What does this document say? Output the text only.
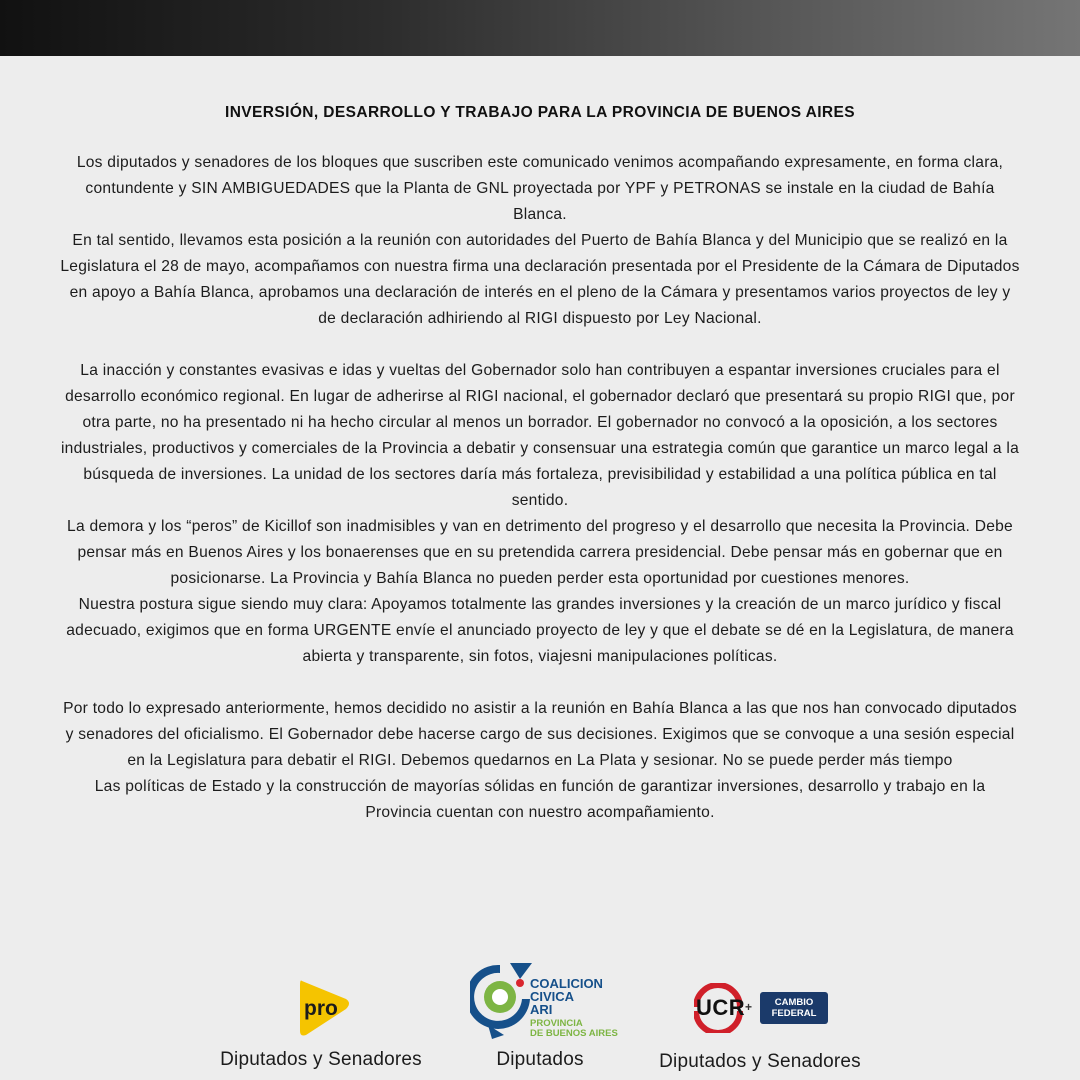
INVERSIÓN, DESARROLLO Y TRABAJO PARA LA PROVINCIA DE BUENOS AIRES

Los diputados y senadores de los bloques que suscriben este comunicado venimos acompañando expresamente, en forma clara, contundente y SIN AMBIGUEDADES que la Planta de GNL proyectada por YPF y PETRONAS se instale en la ciudad de Bahía Blanca.

En tal sentido, llevamos esta posición a la reunión con autoridades del Puerto de Bahía Blanca y del Municipio que se realizó en la Legislatura el 28 de mayo, acompañamos con nuestra firma una declaración presentada por el Presidente de la Cámara de Diputados en apoyo a Bahía Blanca, aprobamos una declaración de interés en el pleno de la Cámara y presentamos varios proyectos de ley y de declaración adhiriendo al RIGI dispuesto por Ley Nacional.

La inacción y constantes evasivas e idas y vueltas del Gobernador solo han contribuyen a espantar inversiones cruciales para el desarrollo económico regional. En lugar de adherirse al RIGI nacional, el gobernador declaró que presentará su propio RIGI que, por otra parte, no ha presentado ni ha hecho circular al menos un borrador. El gobernador no convocó a la oposición, a los sectores industriales, productivos y comerciales de la Provincia a debatir y consensuar una estrategia común que garantice un marco legal a la búsqueda de inversiones. La unidad de los sectores daría más fortaleza, previsibilidad y estabilidad a una política pública en tal sentido.

La demora y los “peros” de Kicillof son inadmisibles y van en detrimento del progreso y el desarrollo que necesita la Provincia. Debe pensar más en Buenos Aires y los bonaerenses que en su pretendida carrera presidencial. Debe pensar más en gobernar que en posicionarse. La Provincia y Bahía Blanca no pueden perder esta oportunidad por cuestiones menores.

Nuestra postura sigue siendo muy clara: Apoyamos totalmente las grandes inversiones y la creación de un marco jurídico y fiscal adecuado, exigimos que en forma URGENTE envíe el anunciado proyecto de ley y que el debate se dé en la Legislatura, de manera abierta y transparente, sin fotos, viajesni manipulaciones políticas.

Por todo lo expresado anteriormente, hemos decidido no asistir a la reunión en Bahía Blanca a las que nos han convocado diputados y senadores del oficialismo. El Gobernador debe hacerse cargo de sus decisiones. Exigimos que se convoque a una sesión especial en la Legislatura para debatir el RIGI. Debemos quedarnos en La Plata y sesionar. No se puede perder más tiempo

Las políticas de Estado y la construcción de mayorías sólidas en función de garantizar inversiones, desarrollo y trabajo en la Provincia cuentan con nuestro acompañamiento.

pro
Diputados y Senadores
COALICION
CIVICA
ARI
PROVINCIA
DE BUENOS AIRES
Diputados
UCR +	CAMBIO
FEDERAL
Diputados y Senadores
